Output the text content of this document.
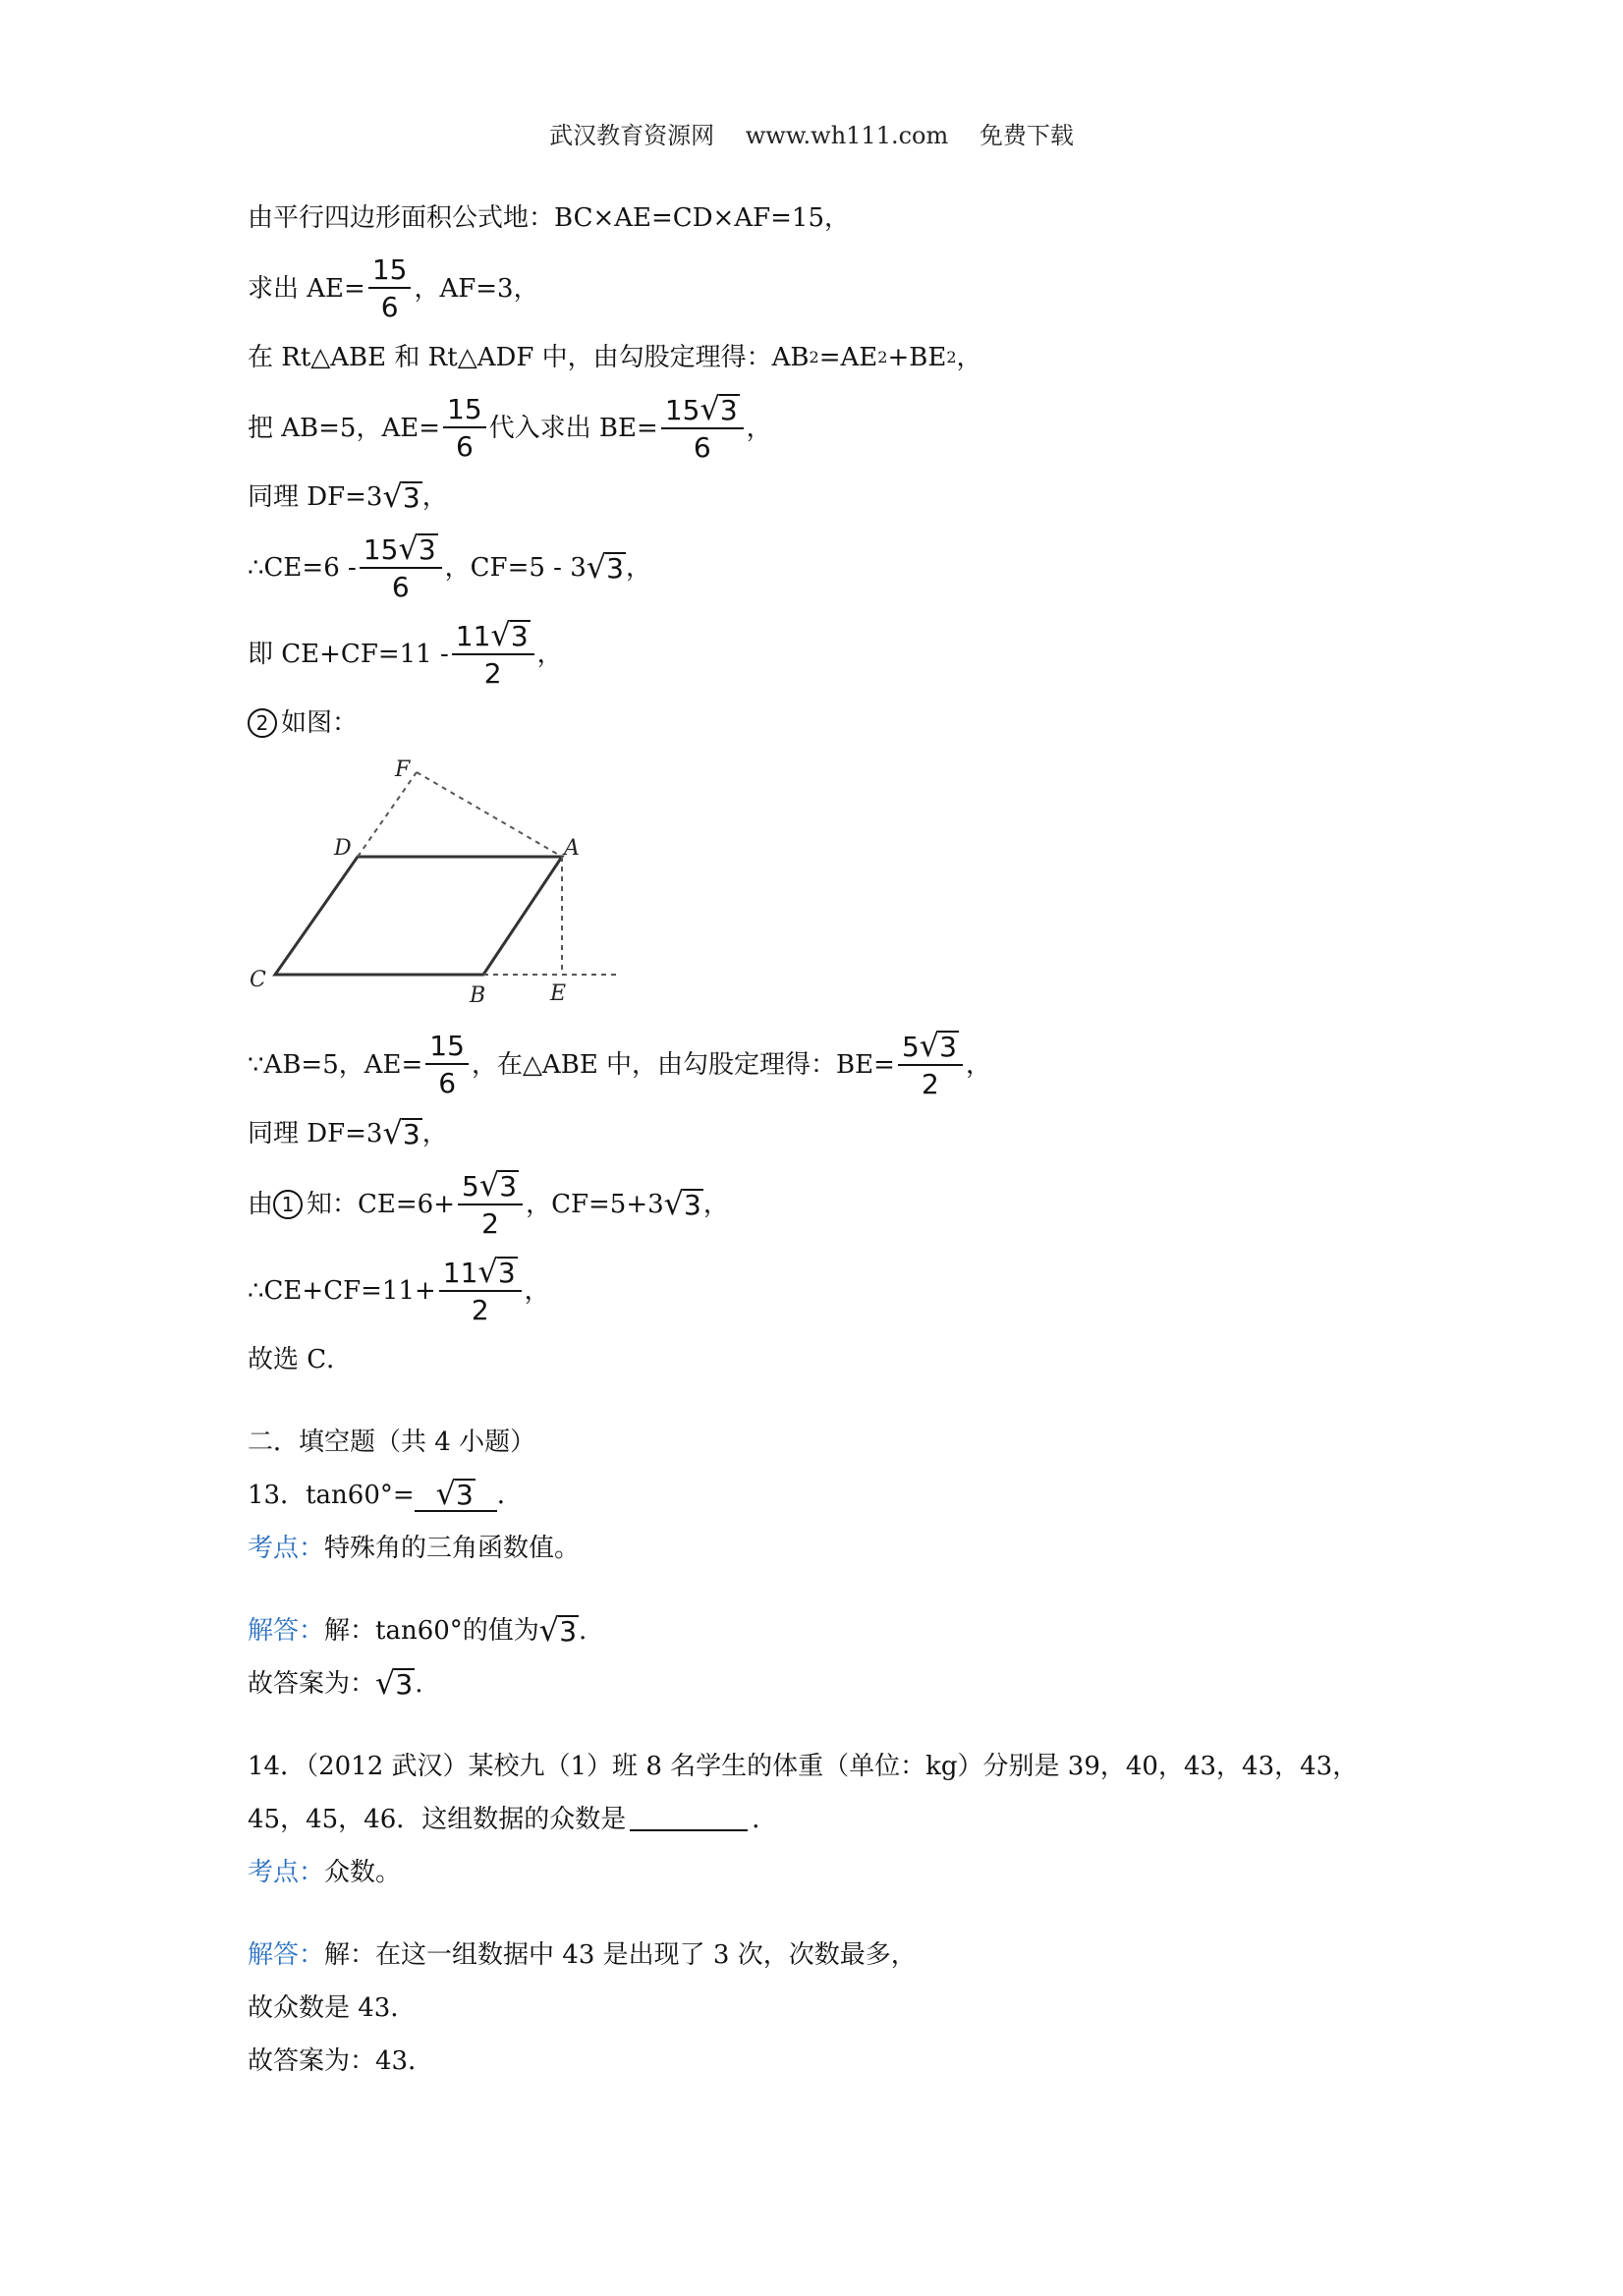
武汉教育资源网 www.wh111.com 免费下载
由平行四边形面积公式地：BC×AE=CD×AF=15，
求出 $AE= \frac{15}{6}$ ，AF=3，
在 Rt△ABE 和 Rt△ADF 中，由勾股定理得：AB 2 =AE 2 +BE 2 ，
把 AB=5，$AE= \frac{15}{6}$ 代入求出 $BE= \frac{15 √ 3}{6}$ ，
同理 DF=3 √ 3 ，
∴CE=6 - $\frac{15 √ 3}{6}$ ，CF=5 - 3 √ 3 ，
即 $CE+CF=11 - \frac{11 √ 3}{2}$ ，
2 如图：
F
D	A
C
B	E
∵AB=5，$AE= \frac{15}{6}$ ，在△ABE 中，由勾股定理得：$BE= \frac{5 √ 3}{2}$ ，
同理 DF=3 √ 3 ，
由 1 知：$CE=6+ \frac{5 √ 3}{2}$ ，CF=5+3 √ 3 ，
∴CE+CF=11+ $\frac{11 √ 3}{2}$ ，
故选 C．
二．填空题（共 4 小题）
13．tan60°= √ 3 ．
考点： 特殊角的三角函数值。
解答： 解：tan60°的值为 √ 3 .
故答案为： √ 3 .
14．（2012 武汉）某校九（1）班 8 名学生的体重（单位：kg）分别是 39，40，43，43，43，
45，45，46．这组数据的众数是	．
考点： 众数。
解答： 解：在这一组数据中 43 是出现了 3 次，次数最多，
故众数是 43．
故答案为：43．
